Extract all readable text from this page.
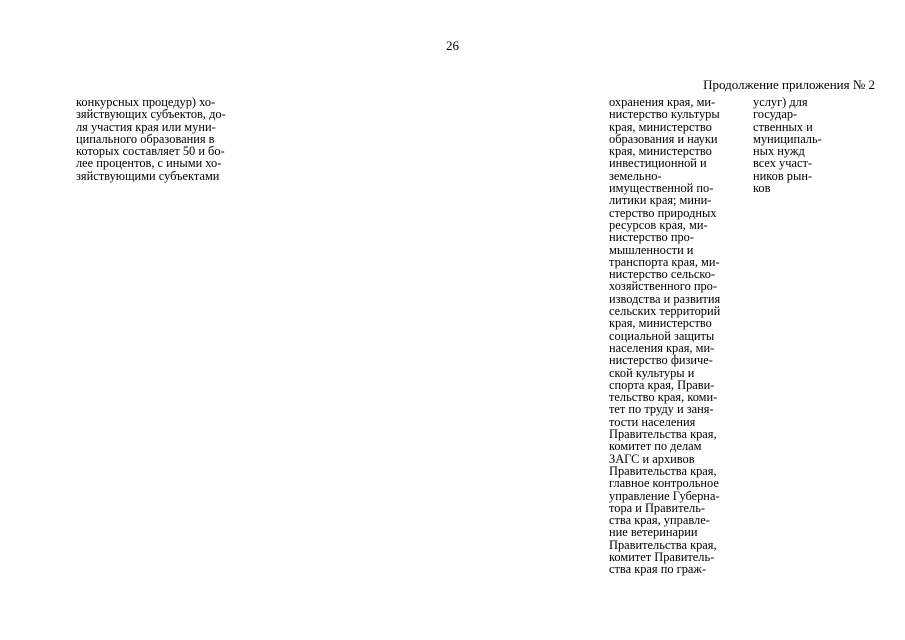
26
Продолжение приложения № 2
конкурсных процедур) хо-
зяйствующих субъектов, до-
ля участия края или муни-
ципального образования в
которых составляет 50 и бо-
лее процентов, с иными хо-
зяйствующими субъектами
охранения края, ми-
нистерство культуры
края, министерство
образования и науки
края, министерство
инвестиционной и
земельно-
имущественной по-
литики края; мини-
стерство природных
ресурсов края, ми-
нистерство про-
мышленности и
транспорта края, ми-
нистерство сельско-
хозяйственного про-
изводства и развития
сельских территорий
края, министерство
социальной защиты
населения края, ми-
нистерство физиче-
ской культуры и
спорта края, Прави-
тельство края, коми-
тет по труду и заня-
тости населения
Правительства края,
комитет по делам
ЗАГС и архивов
Правительства края,
главное контрольное
управление Губерна-
тора и Правитель-
ства края, управле-
ние ветеринарии
Правительства края,
комитет Правитель-
ства края по граж-
услуг) для
государ-
ственных и
муниципаль-
ных нужд
всех участ-
ников рын-
ков
